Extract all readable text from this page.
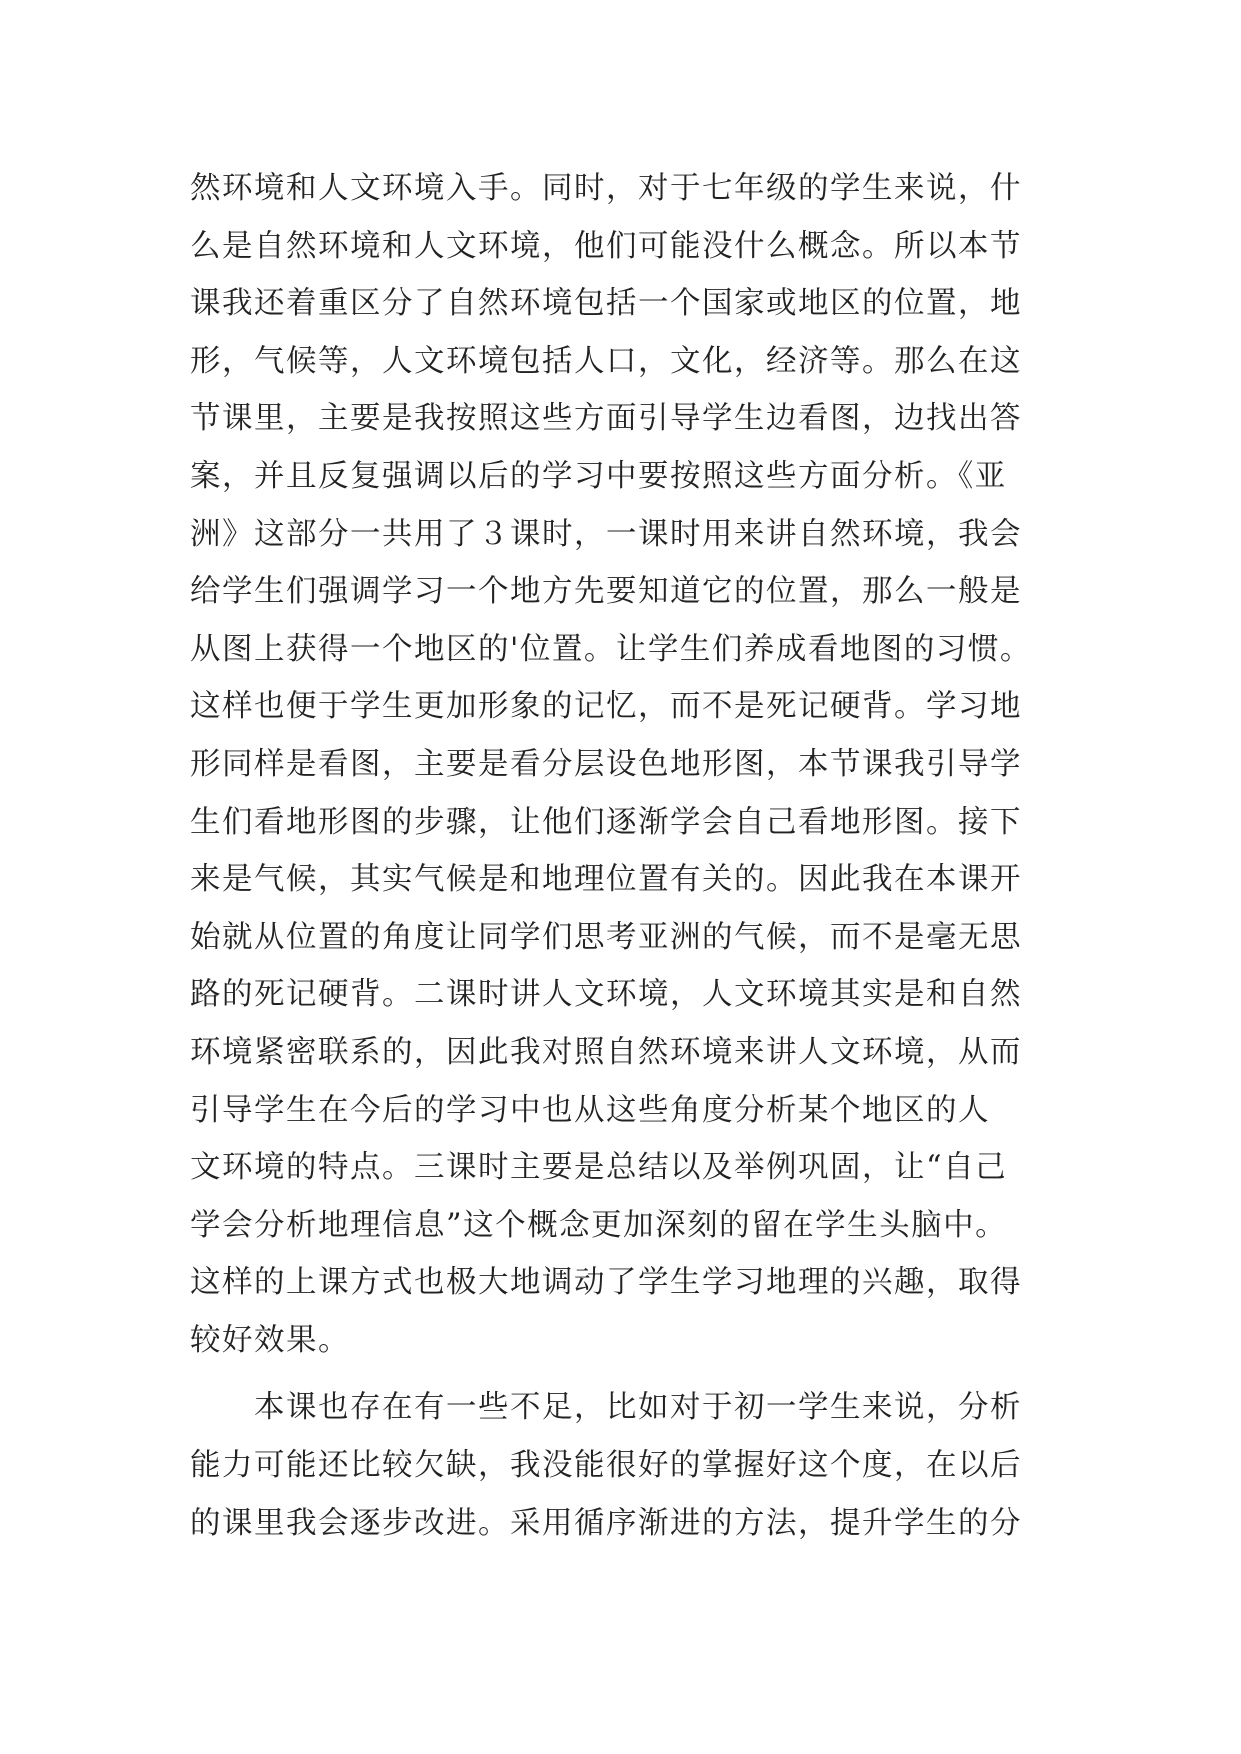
然环境和人文环境入手。同时，对于七年级的学生来说，什
么是自然环境和人文环境，他们可能没什么概念。所以本节
课我还着重区分了自然环境包括一个国家或地区的位置，地
形，气候等，人文环境包括人口，文化，经济等。那么在这
节课里，主要是我按照这些方面引导学生边看图，边找出答
案，并且反复强调以后的学习中要按照这些方面分析。《亚
洲》这部分一共用了３课时，一课时用来讲自然环境，我会
给学生们强调学习一个地方先要知道它的位置，那么一般是
从图上获得一个地区的'位置。让学生们养成看地图的习惯。
这样也便于学生更加形象的记忆，而不是死记硬背。学习地
形同样是看图，主要是看分层设色地形图，本节课我引导学
生们看地形图的步骤，让他们逐渐学会自己看地形图。接下
来是气候，其实气候是和地理位置有关的。因此我在本课开
始就从位置的角度让同学们思考亚洲的气候，而不是毫无思
路的死记硬背。二课时讲人文环境，人文环境其实是和自然
环境紧密联系的，因此我对照自然环境来讲人文环境，从而
引导学生在今后的学习中也从这些角度分析某个地区的人
文环境的特点。三课时主要是总结以及举例巩固，让“自己
学会分析地理信息”这个概念更加深刻的留在学生头脑中。
这样的上课方式也极大地调动了学生学习地理的兴趣，取得
较好效果。
本课也存在有一些不足，比如对于初一学生来说，分析
能力可能还比较欠缺，我没能很好的掌握好这个度，在以后
的课里我会逐步改进。采用循序渐进的方法，提升学生的分
